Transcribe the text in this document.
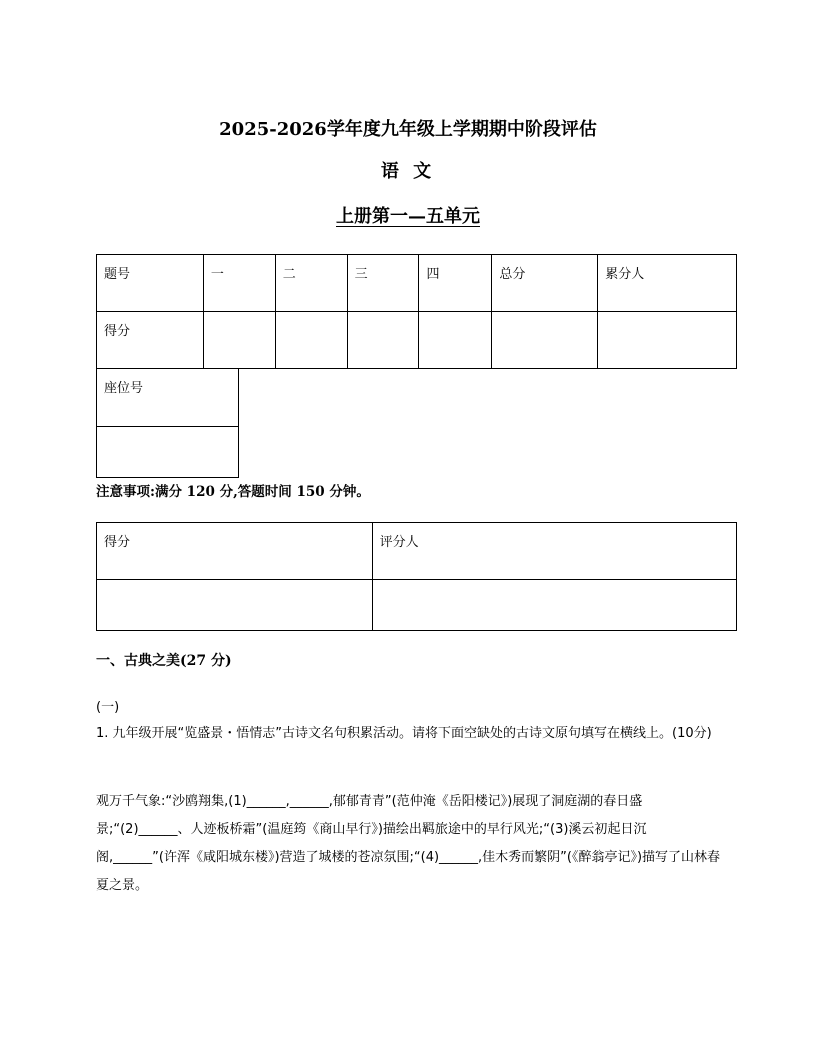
2025-2026学年度九年级上学期期中阶段评估
语 文
上册第一—五单元
题号	一	二	三	四	总分	累分人
得分						
座位号

注意事项:满分 120 分,答题时间 150 分钟。

得分	评分人

一、古典之美(27 分)

(一)

1. 九年级开展“览盛景・悟情志”古诗文名句积累活动。请将下面空缺处的古诗文原句填写在横线上。(10分)

观万千气象:“沙鸥翔集,(1)______,______,郁郁青青”(范仲淹《岳阳楼记》)展现了洞庭湖的春日盛景;“(2)______、人迹板桥霜”(温庭筠《商山早行》)描绘出羁旅途中的早行风光;“(3)溪云初起日沉阁,______”(许浑《咸阳城东楼》)营造了城楼的苍凉氛围;“(4)______,佳木秀而繁阴”(《醉翁亭记》)描写了山林春夏之景。
